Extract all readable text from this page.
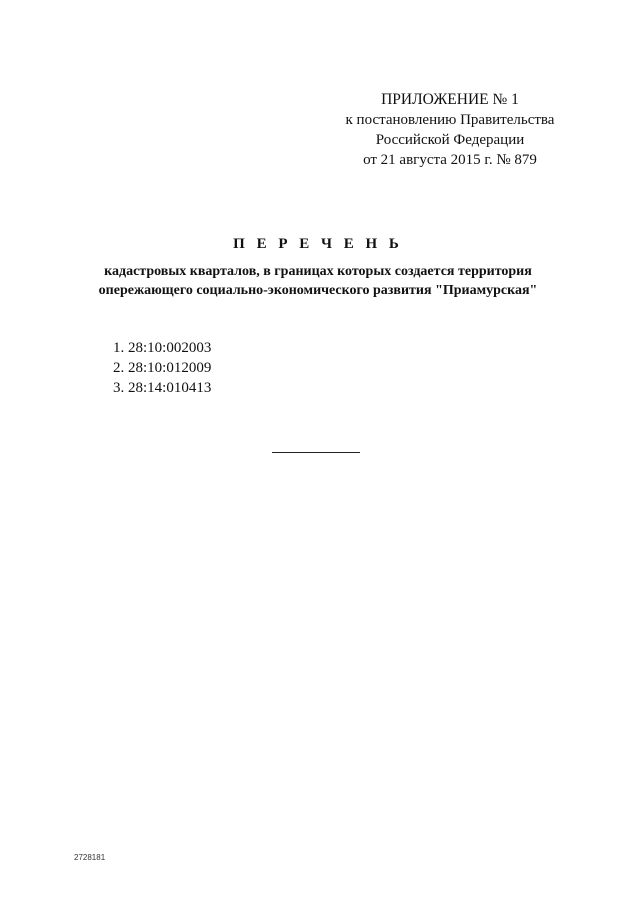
ПРИЛОЖЕНИЕ № 1
к постановлению Правительства
Российской Федерации
от 21 августа 2015 г. № 879
П Е Р Е Ч Е Н Ь
кадастровых кварталов, в границах которых создается территория
опережающего социально-экономического развития "Приамурская"
1. 28:10:002003
2. 28:10:012009
3. 28:14:010413
2728181
